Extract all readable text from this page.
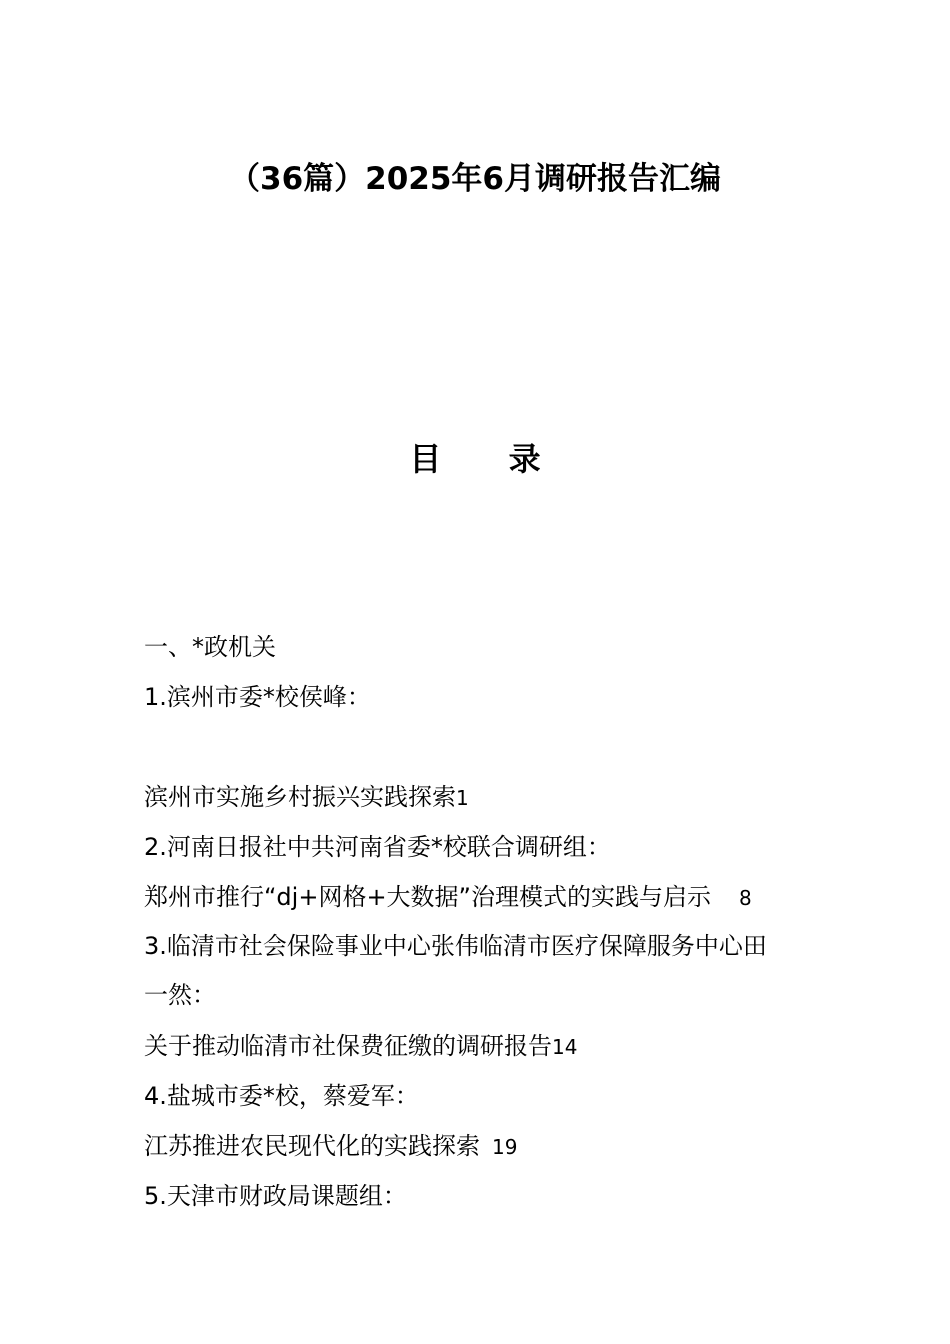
（36篇）2025年6月调研报告汇编
目 录
一、*政机关
1.滨州市委*校侯峰：
滨州市实施乡村振兴实践探索1
2.河南日报社中共河南省委*校联合调研组：
郑州市推行“dj+网格+大数据”治理模式的实践与启示 8
3.临清市社会保险事业中心张伟临清市医疗保障服务中心田
一然：
关于推动临清市社保费征缴的调研报告14
4.盐城市委*校，蔡爱军：
江苏推进农民现代化的实践探索 19
5.天津市财政局课题组：
